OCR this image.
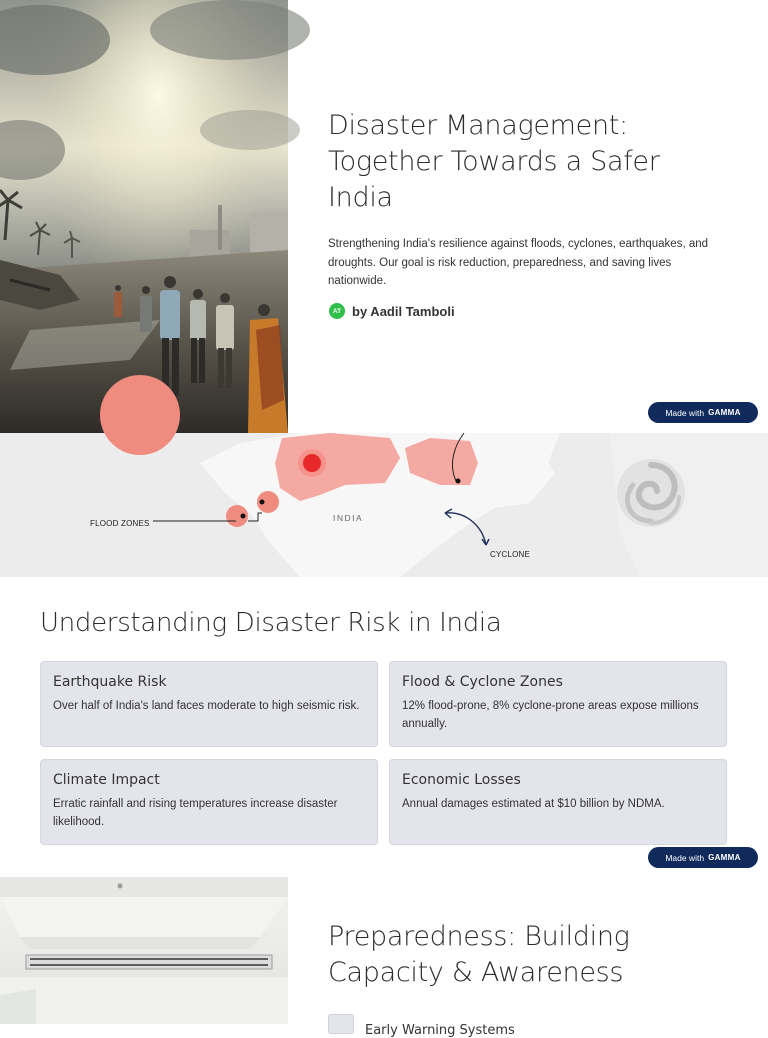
Disaster Management: Together Towards a Safer India

Strengthening India's resilience against floods, cyclones, earthquakes, and droughts. Our goal is risk reduction, preparedness, and saving lives nationwide.

AT by Aadil Tamboli
Made with GAMMA
FLOOD ZONES
INDIA
CYCLONE
Understanding Disaster Risk in India
Earthquake Risk

Over half of India's land faces moderate to high seismic risk.

Flood & Cyclone Zones

12% flood-prone, 8% cyclone-prone areas expose millions annually.

Climate Impact

Erratic rainfall and rising temperatures increase disaster likelihood.

Economic Losses

Annual damages estimated at $10 billion by NDMA.

Made with GAMMA
Preparedness: Building Capacity & Awareness
Early Warning Systems
